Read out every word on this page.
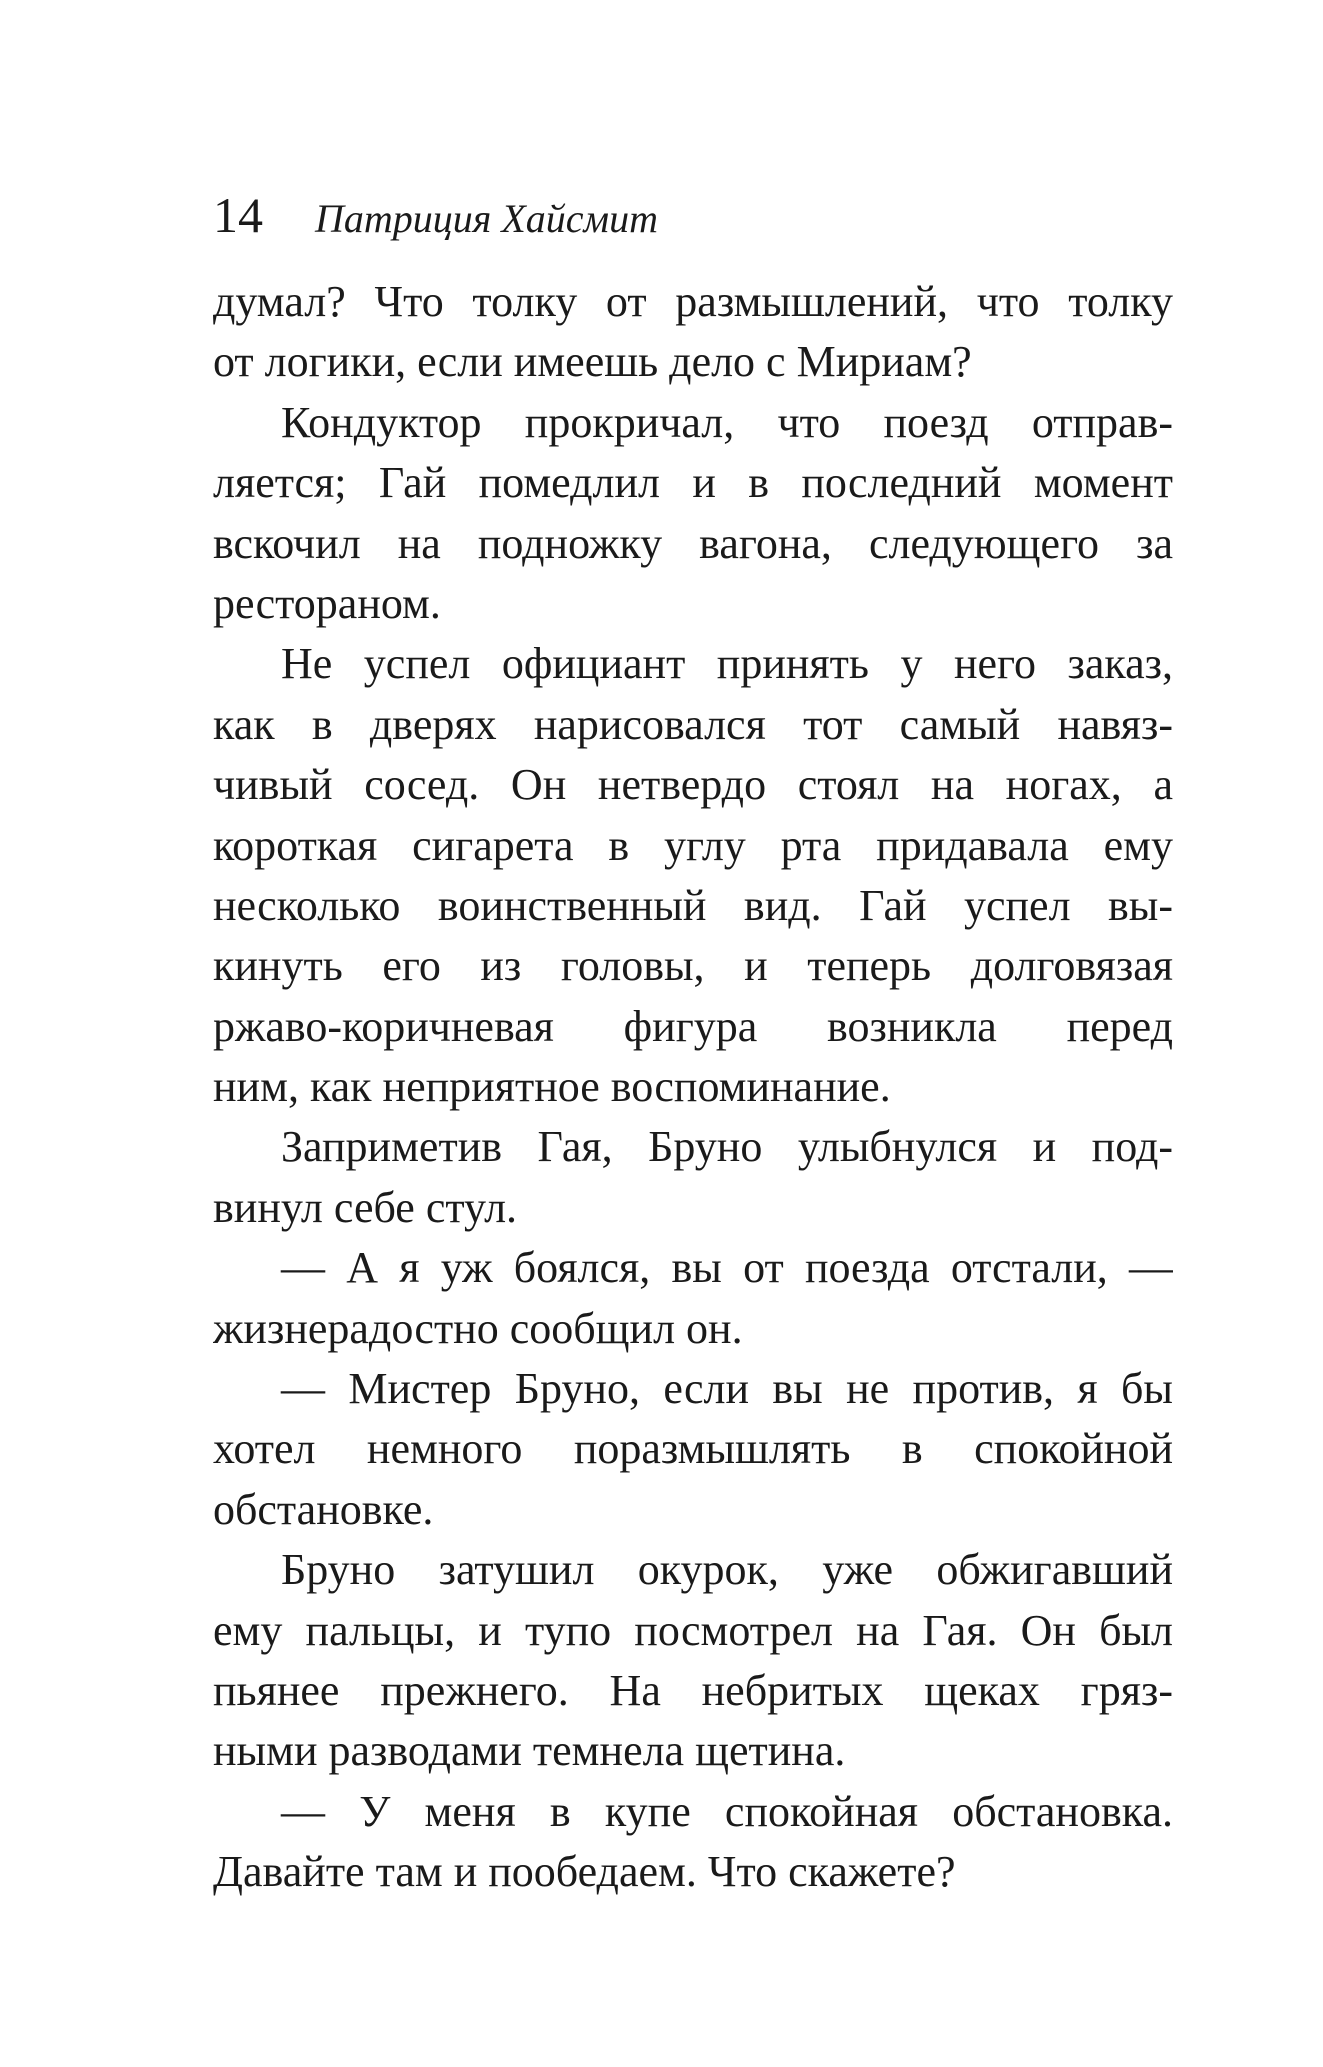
14 Патриция Хайсмит
думал? Что толку от размышлений, что толку
от логики, если имеешь дело с Мириам?
Кондуктор прокричал, что поезд отправ-
ляется; Гай помедлил и в последний момент
вскочил на подножку вагона, следующего за
рестораном.
Не успел официант принять у него заказ,
как в дверях нарисовался тот самый навяз-
чивый сосед. Он нетвердо стоял на ногах, а
короткая сигарета в углу рта придавала ему
несколько воинственный вид. Гай успел вы-
кинуть его из головы, и теперь долговязая
ржаво-коричневая фигура возникла перед
ним, как неприятное воспоминание.
Заприметив Гая, Бруно улыбнулся и под-
винул себе стул.
— А я уж боялся, вы от поезда отстали, —
жизнерадостно сообщил он.
— Мистер Бруно, если вы не против, я бы
хотел немного поразмышлять в спокойной
обстановке.
Бруно затушил окурок, уже обжигавший
ему пальцы, и тупо посмотрел на Гая. Он был
пьянее прежнего. На небритых щеках гряз-
ными разводами темнела щетина.
— У меня в купе спокойная обстановка.
Давайте там и пообедаем. Что скажете?
